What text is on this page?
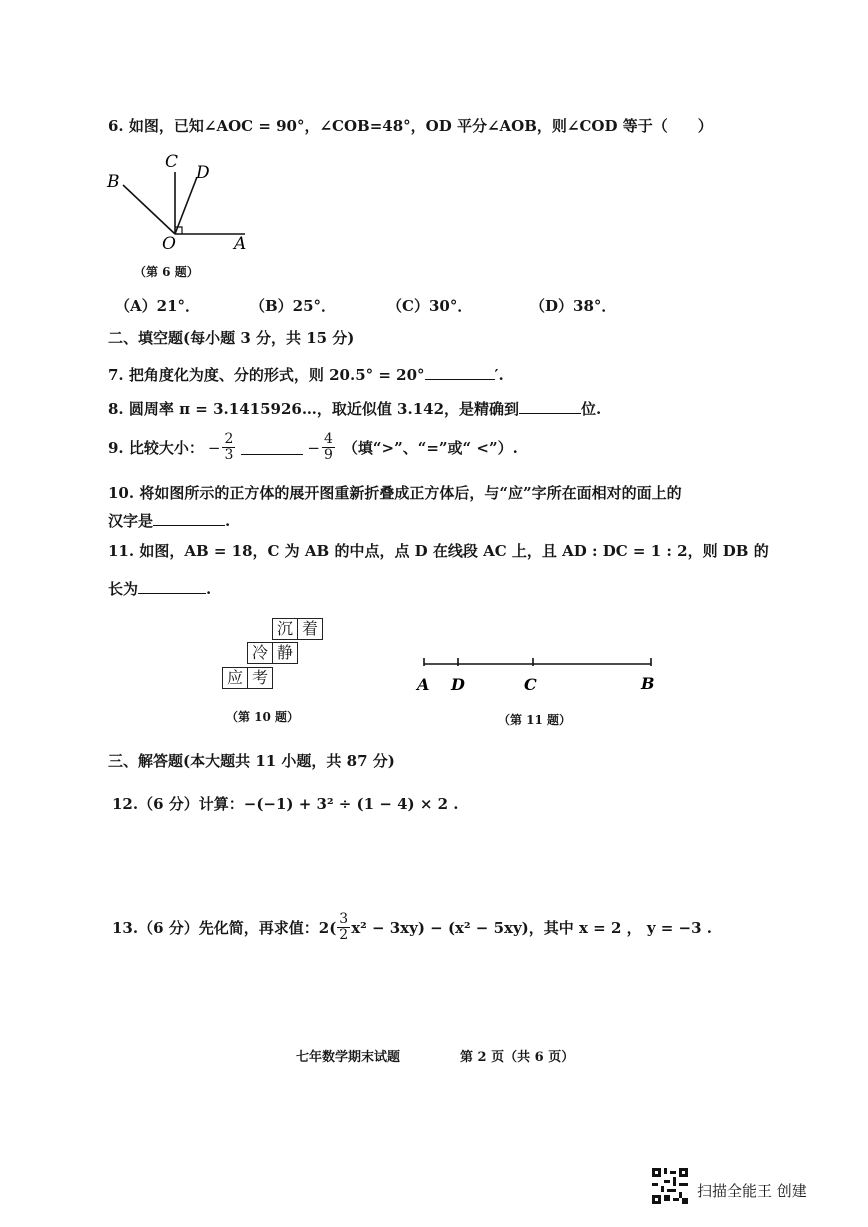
6. 如图，已知∠AOC = 90°，∠COB=48°，OD 平分∠AOB，则∠COD 等于（　　）
C
D
B
O	A
（第 6 题）
（A）21°．	（B）25°．	（C）30°．	（D）38°．
二、填空题(每小题 3 分，共 15 分)
7. 把角度化为度、分的形式，则 20.5° = 20°	′.
8. 圆周率 π = 3.1415926…，取近似值 3.142，是精确到	位.
9. 比较大小： − $\frac{2}{3}$	− $\frac{4}{9}$ （填“>”、“=”或“ <”）.
10. 将如图所示的正方体的展开图重新折叠成正方体后，与“应”字所在面相对的面上的
汉字是	.
11. 如图，AB = 18，C 为 AB 的中点，点 D 在线段 AC 上，且 AD : DC = 1 : 2，则 DB 的
长为	.
沉 着
冷 静
应 考
（第 10 题）
A D	C	B
（第 11 题）
三、解答题(本大题共 11 小题，共 87 分)
12.（6 分）计算：−(−1) + 3² ÷ (1 − 4) × 2 .
13.（6 分）先化简，再求值：$2( \frac{3}{2} x^2 - 3xy) - (x^2 - 5xy)$，其中 x = 2 ， y = −3 .
七年数学期末试题	第 2 页（共 6 页）
扫描全能王 创建
